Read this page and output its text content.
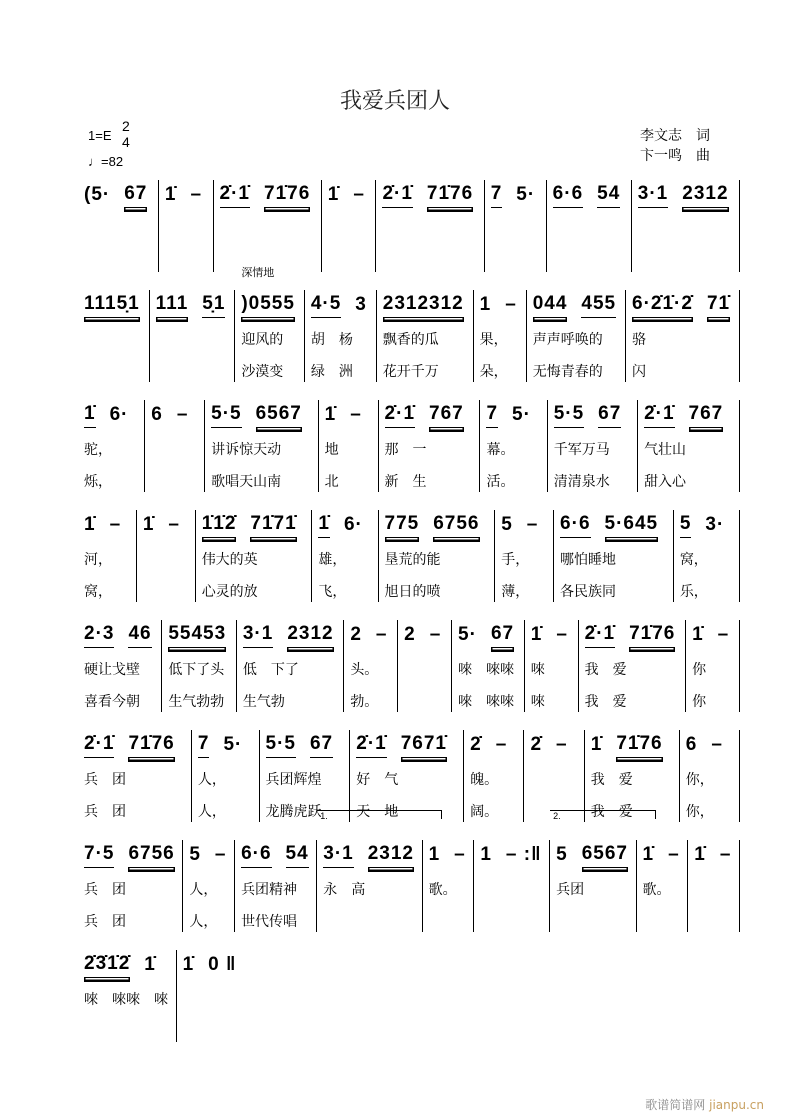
我爱兵团人
1=E
2
4
♩=82
李文志　词
卞一鸣　曲
(5· 67 1̇ – 2̇·1̇ 71̇76 1̇ – 2̇·1̇ 71̇76 7 5· 6·6 54 3·1 2312
1115̣1 111 5̣1
深情地
)0555
迎风的
沙漠变
4·5 3
胡　杨
绿　洲
2312312
飘香的瓜
花开千万
1 –
果，
朵，
044 455
声声呼唤的
无悔青春的
6·2̇1̇·2̇ 71̇
骆
闪
1̇ 6·
驼，
烁，
6 – 5·5 6567
讲诉惊天动
歌唱天山南
1̇ –
地
北
2̇·1̇ 767
那　一
新　生
7 5·
幕。
活。
5·5 67
千军万马
清清泉水
2̇·1̇ 767
气壮山
甜入心
1̇ –
河，
窝，
1̇ – 1̇1̇2̇ 71̇71̇
伟大的英
心灵的放
1̇ 6·
雄，
飞，
775 6756
垦荒的能
旭日的喷
5 –
手，
薄，
6·6 5·645
哪怕睡地
各民族同
5 3·
窝，
乐，
2·3 46
硬让戈壁
喜看今朝
55453
低下了头
生气勃勃
3·1 2312
低　下了
生气勃
2 –
头。
勃。
2 – 5· 67
唻　唻唻
唻　唻唻
1̇ –
唻
唻
2̇·1̇ 71̇76
我　爱
我　爱
1̇ –
你
你
2̇·1̇ 71̇76
兵　团
兵　团
7 5·
人，
人，
5·5 67
兵团辉煌
龙腾虎跃
2̇·1̇ 7671̇
好　气
天　地
2̇ –
魄。
阔。
2̇ – 1̇ 71̇76
我　爱
我　爱
6 –
你，
你，
7·5 6756
兵　团
兵　团
5 –
人，
人，
6·6 54
兵团精神
世代传唱
1.
3·1 2312
永　高
1 –
歌。
1 – :‖
2.
5 6567
兵团
1̇ –
歌。
1̇ –
2̇3̇1̇2̇ 1̇
唻　唻唻　唻
1̇ 0 ‖
歌谱简谱网 jianpu.cn
